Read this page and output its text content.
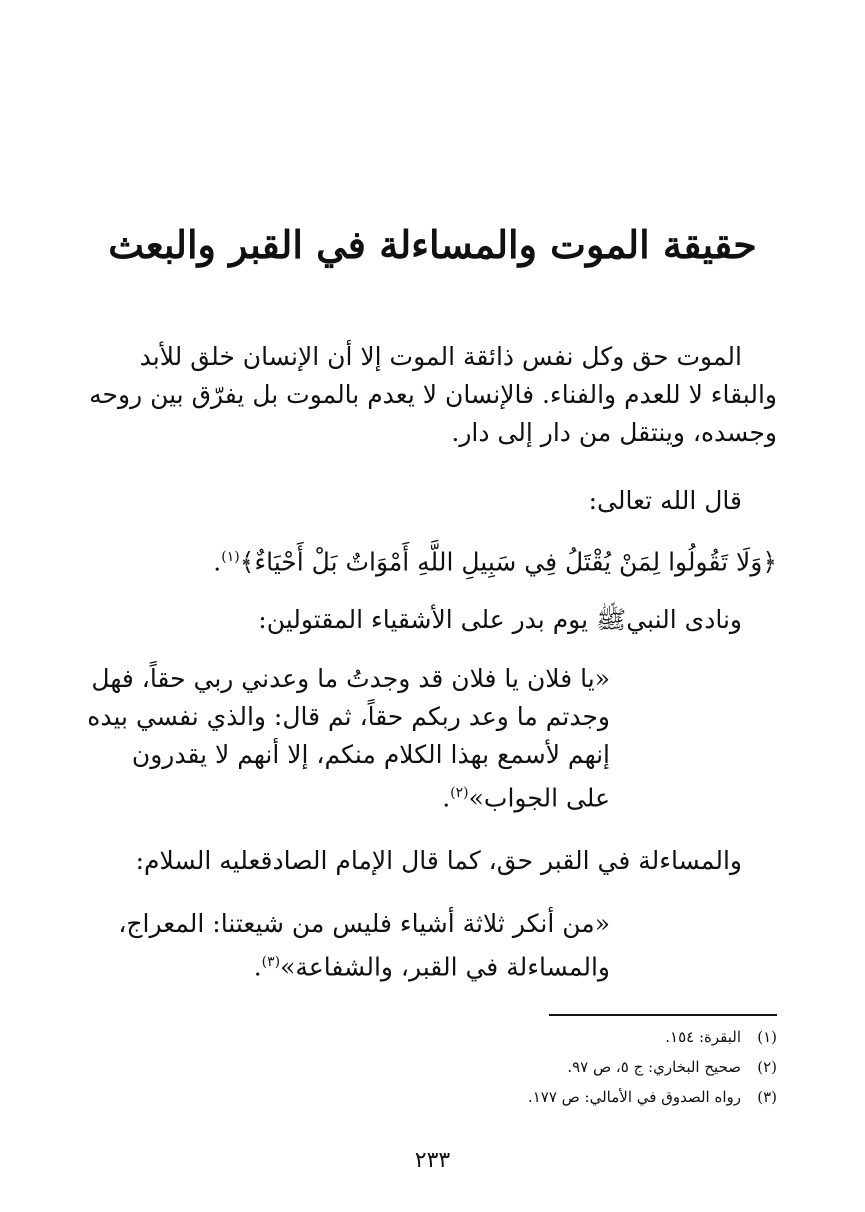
حقيقة الموت والمساءلة في القبر والبعث
الموت حق وكل نفس ذائقة الموت إلا أن الإنسان خلق للأبد
والبقاء لا للعدم والفناء. فالإنسان لا يعدم بالموت بل يفرّق بين روحه
وجسده، وينتقل من دار إلى دار.
قال الله تعالى:
﴿وَلَا تَقُولُوا لِمَنْ يُقْتَلُ فِي سَبِيلِ اللَّهِ أَمْوَاتٌ بَلْ أَحْيَاءٌ﴾$^{(١)}$.
ونادى النبيﷺ يوم بدر على الأشقياء المقتولين:
«يا فلان يا فلان قد وجدتُ ما وعدني ربي حقاً، فهل
وجدتم ما وعد ربكم حقاً، ثم قال: والذي نفسي بيده
إنهم لأسمع بهذا الكلام منكم، إلا أنهم لا يقدرون
على الجواب»$^{(٢)}$.
والمساءلة في القبر حق، كما قال الإمام الصادقعليه السلام:
«من أنكر ثلاثة أشياء فليس من شيعتنا: المعراج،
والمساءلة في القبر، والشفاعة»$^{(٣)}$.
(١)البقرة: ١٥٤.
(٢)صحيح البخاري: ج ٥، ص ٩٧.
(٣)رواه الصدوق في الأمالي: ص ١٧٧.
٢٣٣
